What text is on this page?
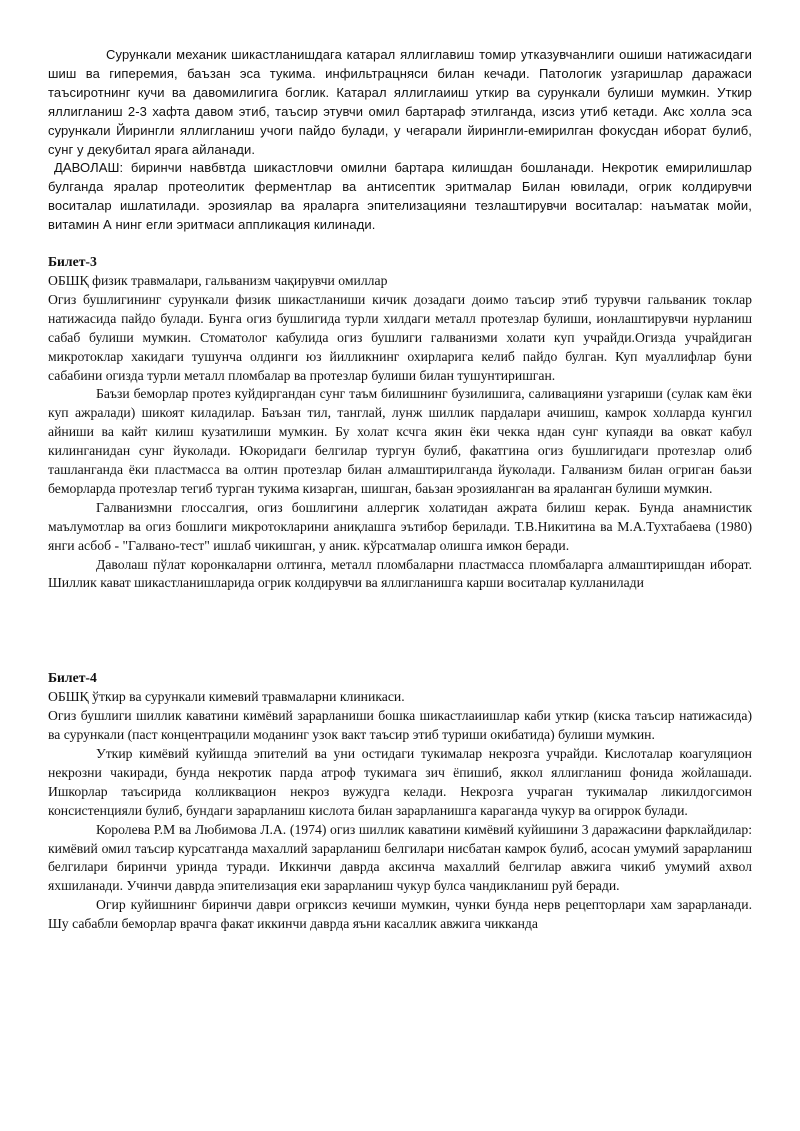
Сурункали механик шикастланишдага катарал яллиглавиш томир утказувчанлиги ошиши натижасидаги шиш ва гиперемия, баъзан эса тукима. инфильтрацняси билан кечади. Патологик узгаришлар даражаси таъсиротнинг кучи ва давомилигига боглик. Катарал яллиглаииш уткир ва сурункали булиши мумкин. Уткир яллигланиш 2-3 хафта давом этиб, таъсир этувчи омил бартараф этилганда, изсиз утиб кетади. Акс холла эса сурункали Йирингли яллигланиш учоги пайдо булади, у чегарали йирингли-емирилган фокусдан иборат булиб, сунг у декубитал ярага айланади.

ДАВОЛАШ: биринчи навбвтда шикастловчи омилни бартара килишдан бошланади. Некротик емирилишлар булганда яралар протеолитик ферментлар ва антисептик эритмалар Билан ювилади, огрик колдирувчи воситалар ишлатилади. эрозиялар ва яраларга эпителизацияни тезлаштирувчи воситалар: наъматак мойи, витамин А нинг егли эритмаси аппликация килинади.

Билет-3

ОБШҚ физик травмалари, гальванизм чақирувчи омиллар

Огиз бушлигининг сурункали физик шикастланиши кичик дозадаги доимо таъсир этиб турувчи гальваник токлар натижасида пайдо булади. Бунга огиз бушлигида турли хилдаги металл протезлар булиши, ионлаштирувчи нурланиш сабаб булиши мумкин. Стоматолог кабулида огиз бушлиги галванизми холати куп учрайди.Огизда учрайдиган микротоклар хакидаги тушунча олдинги юз йилликнинг охирларига келиб пайдо булган. Куп муаллифлар буни сабабини огизда турли металл пломбалар ва протезлар булиши билан тушунтиришган.

Баъзи беморлар протез куйдиргандан сунг таъм билишнинг бузилишига, саливацияни узгариши (сулак кам ёки куп ажралади) шикоят киладилар. Баъзан тил, танглай, лунж шиллик пардалари ачишиш, камрок холларда кунгил айниши ва кайт килиш кузатилиши мумкин. Бу холат ксчга якин ёки чекка ндан сунг купаяди ва овкат кабул килинганидан сунг йуколади. Юкоридаги белгилар тургун булиб, факатгина огиз бушлигидаги протезлар олиб ташланганда ёки пластмасса ва олтин протезлар билан алмаштирилганда йуколади. Галванизм билан огриган баьзи беморларда протезлар тегиб турган тукима кизарган, шишган, баьзан эрозияланган ва яраланган булиши мумкин.

Галванизмни глоссалгия, огиз бошлигини аллергик холатидан ажрата билиш керак. Бунда анамнистик маълумотлар ва огиз бошлиги микротокларини аниқлашга эътибор берилади. Т.В.Никитина ва М.А.Тухтабаева (1980) янги асбоб - "Галвано-тест" ишлаб чикишган, у аник. кўрсатмалар олишга имкон беради.

Даволаш пўлат коронкаларни олтинга, металл пломбаларни пластмасса пломбаларга алмаштиришдан иборат. Шиллик кават шикастланишларида огрик колдирувчи ва яллигланишга карши воситалар кулланилади

Билет-4

ОБШҚ ўткир ва сурункали кимевий травмаларни клиникаси.

Огиз бушлиги шиллик каватини кимёвий зарарланиши бошка шикастлаиишлар каби уткир (киска таъсир натижасида) ва сурункали (паст концентрацили моданинг узок вакт таъсир этиб туриши окибатида) булиши мумкин.

Уткир кимёвий куйишда эпителий ва уни остидаги тукималар некрозга учрайди. Кислоталар коагуляцион некрозни чакиради, бунда некротик парда атроф тукимага зич ёпишиб, яккол яллигланиш фонида жойлашади. Ишкорлар таъсирида колликвацион некроз вужудга келади. Некрозга учраган тукималар ликилдогсимон консистенцияли булиб, бундаги зарарланиш кислота билан зарарланишга караганда чукур ва огиррок булади.

Королева Р.М ва Любимова Л.А. (1974) огиз шиллик каватини кимёвий куйишини 3 даражасини фарклайдилар: кимёвий омил таъсир курсатганда махаллий зарарланиш белгилари нисбатан камрок булиб, асосан умумий зарарланиш белгилари биринчи уринда туради. Иккинчи даврда аксинча махаллий белгилар авжига чикиб умумий ахвол яхшиланади. Учинчи даврда эпителизация еки зарарланиш чукур булса чандикланиш руй беради.

Огир куйишнинг биринчи даври огриксиз кечиши мумкин, чунки бунда нерв рецепторлари хам зарарланади. Шу сабабли беморлар врачга факат иккинчи даврда яъни касаллик авжига чикканда
